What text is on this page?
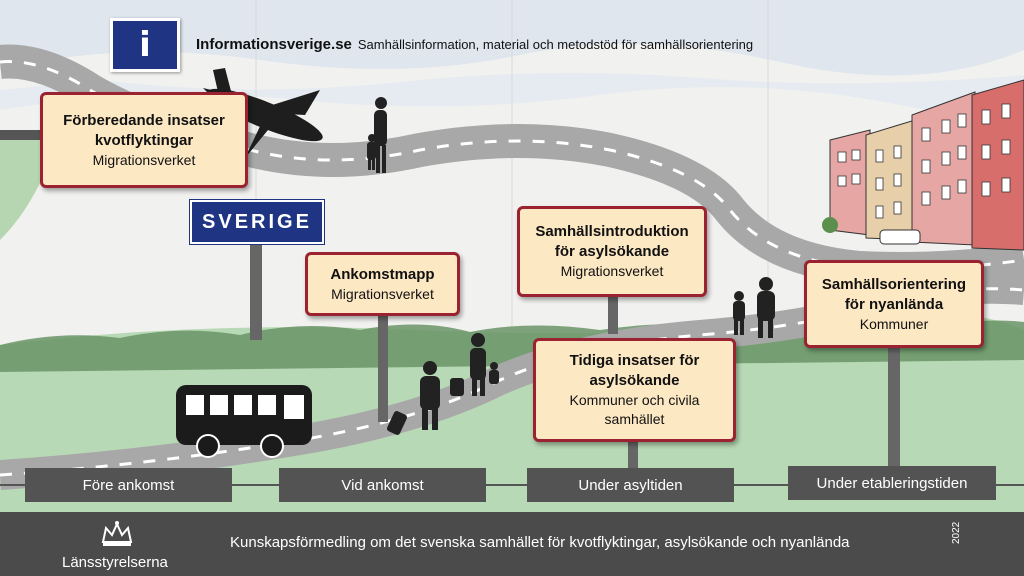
i	Informationsverige.se Samhällsinformation, material och metodstöd för samhällsorientering
SVERIGE
Förberedande insatser
kvotflyktingar
Migrationsverket
Ankomstmapp
Migrationsverket
Samhällsintroduktion
för asylsökande
Migrationsverket
Tidiga insatser för
asylsökande
Kommuner och civila
samhället
Samhällsorientering
för nyanlända
Kommuner
Före ankomst	Vid ankomst	Under asyltiden	Under etableringstiden
Länsstyrelserna
Kunskapsförmedling om det svenska samhället för kvotflyktingar, asylsökande och nyanlända	2022
